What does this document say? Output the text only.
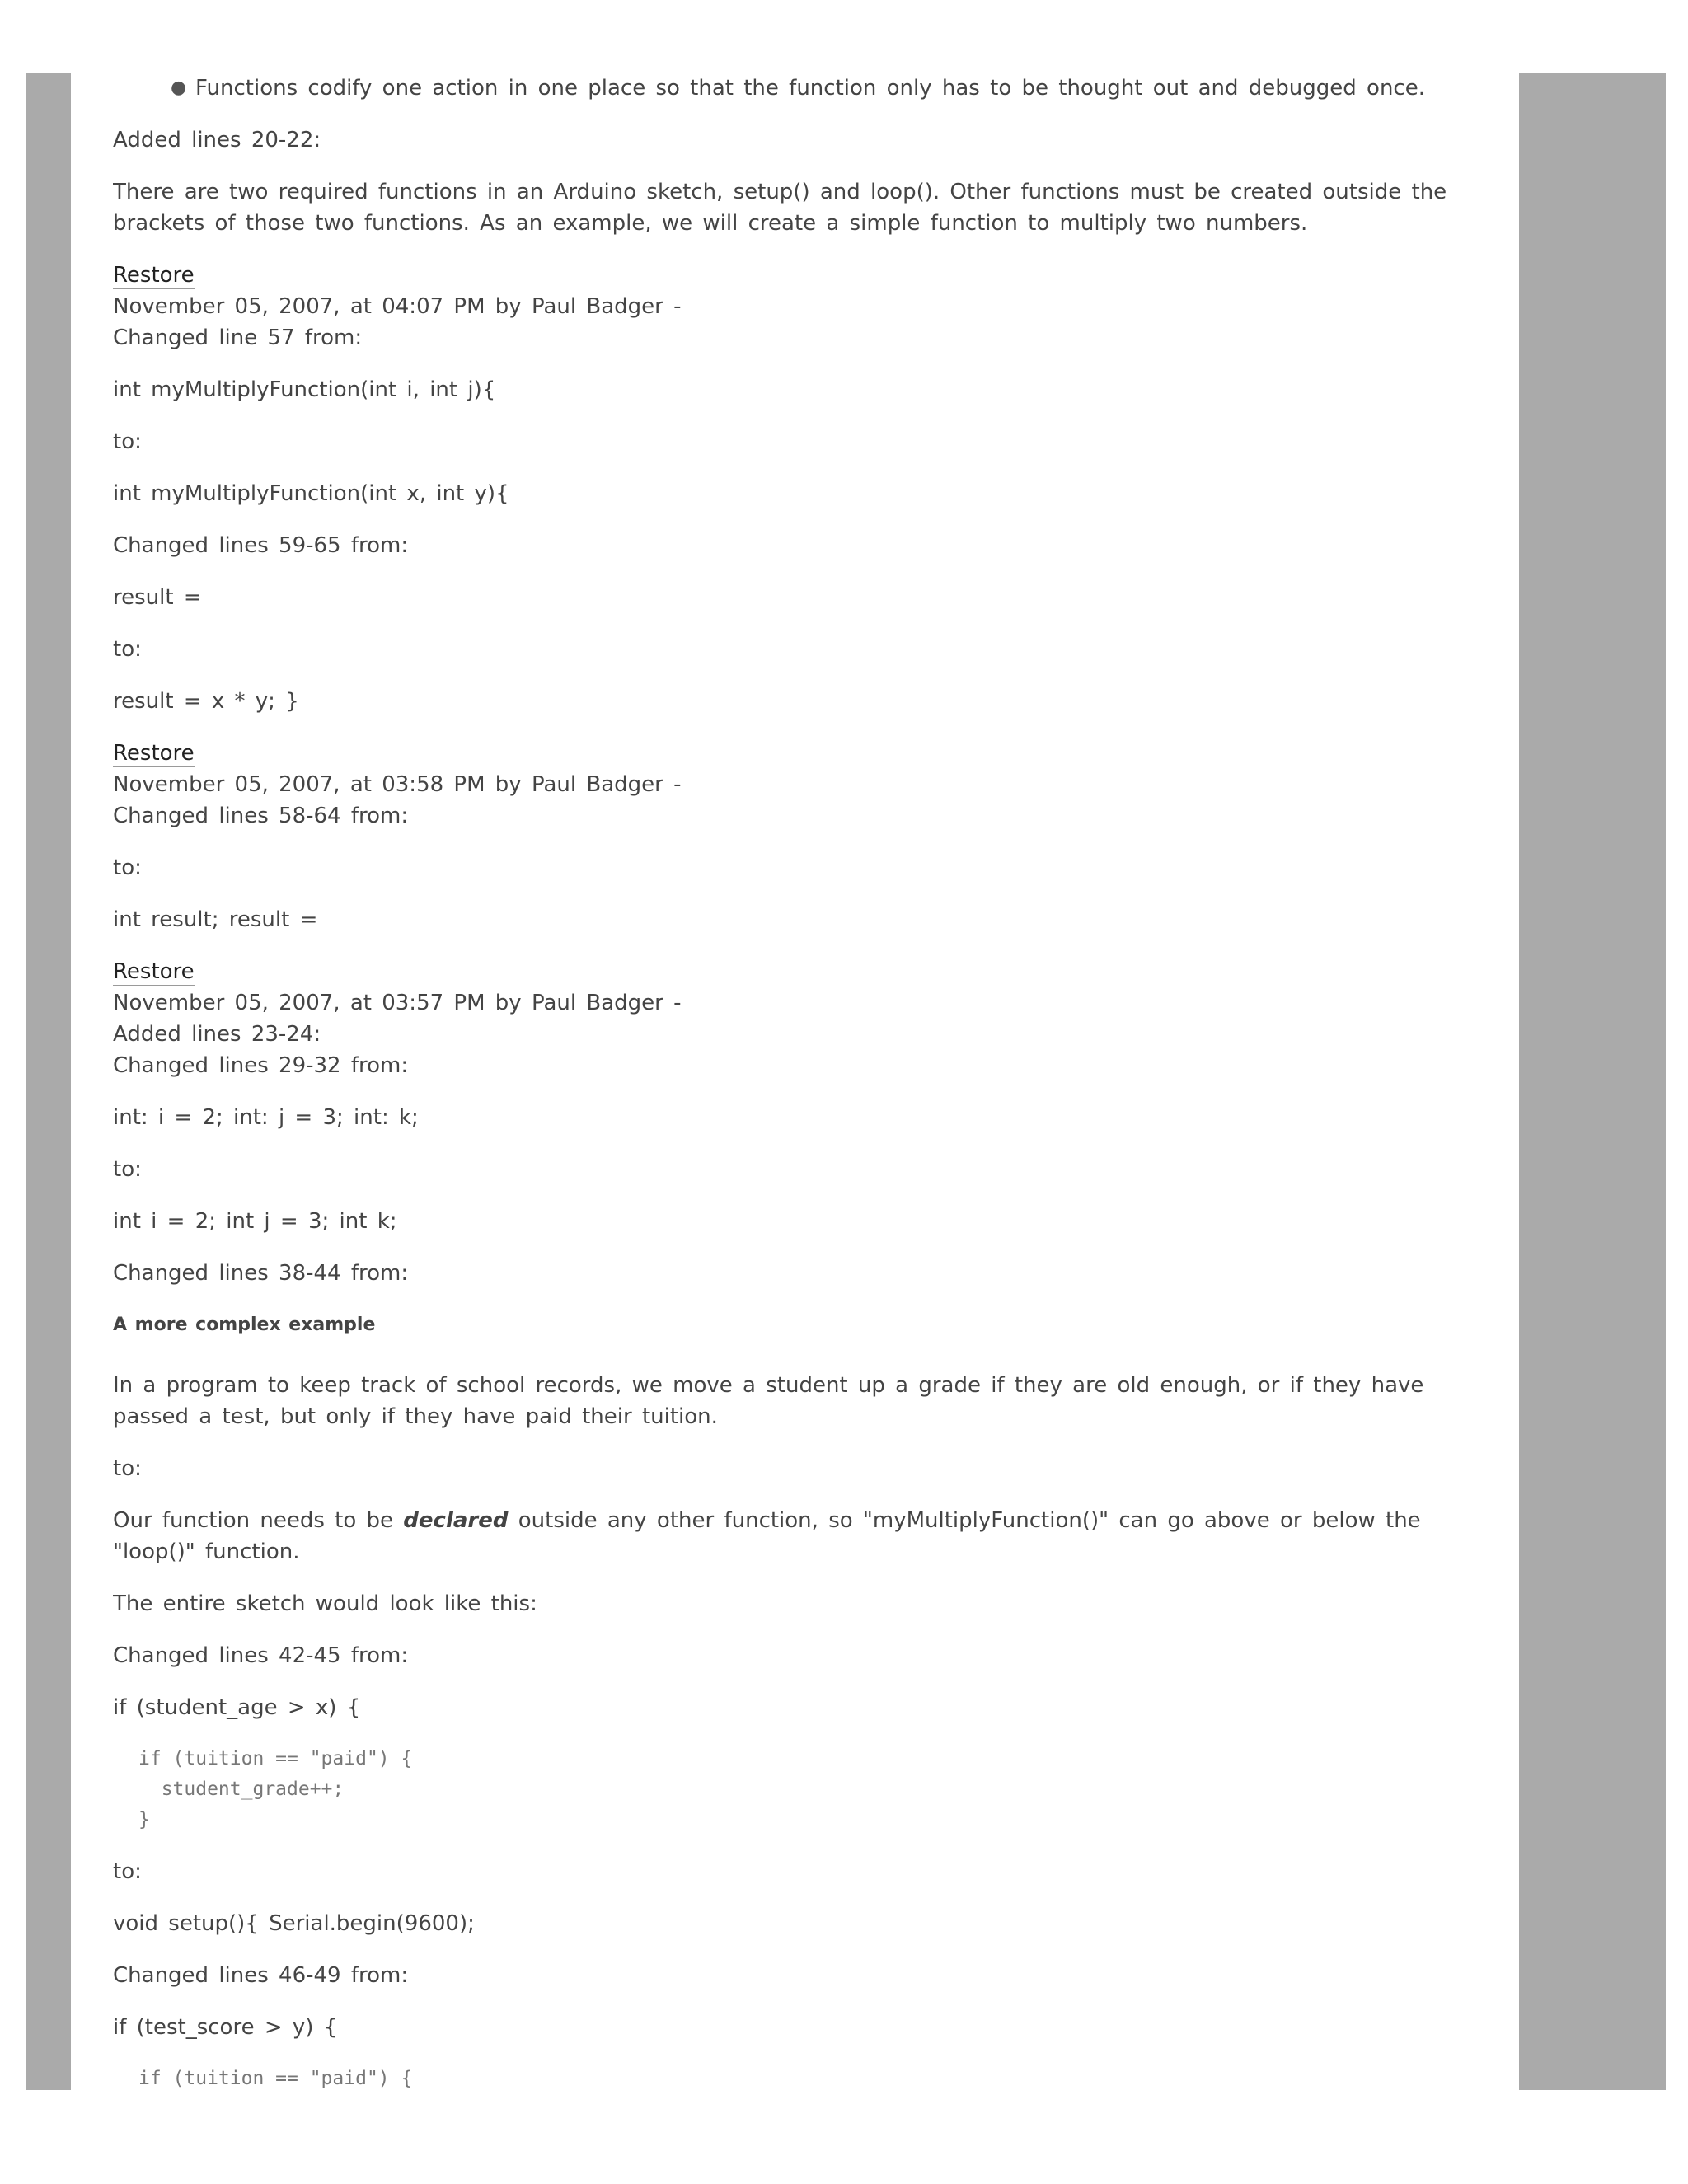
● Functions codify one action in one place so that the function only has to be thought out and debugged once.
Added lines 20-22:
There are two required functions in an Arduino sketch, setup() and loop(). Other functions must be created outside the brackets of those two functions. As an example, we will create a simple function to multiply two numbers.
Restore
November 05, 2007, at 04:07 PM by Paul Badger -
Changed line 57 from:
int myMultiplyFunction(int i, int j){
to:
int myMultiplyFunction(int x, int y){
Changed lines 59-65 from:
result =
to:
result = x * y; }
Restore
November 05, 2007, at 03:58 PM by Paul Badger -
Changed lines 58-64 from:
to:
int result; result =
Restore
November 05, 2007, at 03:57 PM by Paul Badger -
Added lines 23-24:
Changed lines 29-32 from:
int: i = 2; int: j = 3; int: k;
to:
int i = 2; int j = 3; int k;
Changed lines 38-44 from:
A more complex example
In a program to keep track of school records, we move a student up a grade if they are old enough, or if they have passed a test, but only if they have paid their tuition.
to:
Our function needs to be declared outside any other function, so "myMultiplyFunction()" can go above or below the "loop()" function.
The entire sketch would look like this:
Changed lines 42-45 from:
if (student_age > x) {
if (tuition == "paid") {
student_grade++;
}
to:
void setup(){ Serial.begin(9600);
Changed lines 46-49 from:
if (test_score > y) {
if (tuition == "paid") {
